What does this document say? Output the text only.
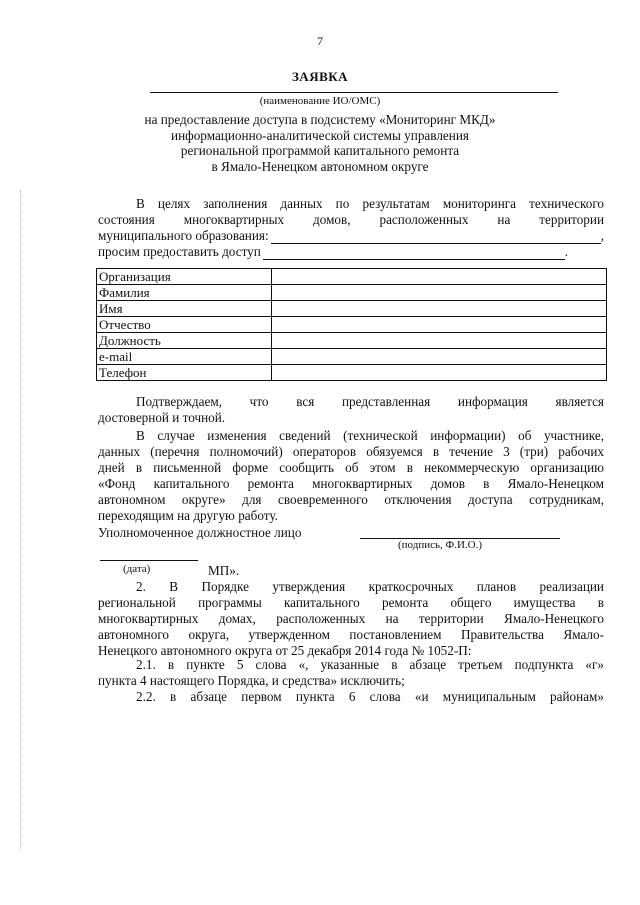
7
ЗАЯВКА
(наименование ИО/ОМС)
на предоставление доступа в подсистему «Мониторинг МКД»
информационно-аналитической системы управления
региональной программой капитального ремонта
в Ямало-Ненецком автономном округе
В целях заполнения данных по результатам мониторинга технического
состояния многоквартирных домов, расположенных на территории
муниципального образования:	,
просим предоставить доступ	.
Организация	
Фамилия	
Имя	
Отчество	
Должность	
e-mail	
Телефон	
Подтверждаем, что вся представленная информация является
достоверной и точной.
В случае изменения сведений (технической информации) об участнике,
данных (перечня полномочий) операторов обязуемся в течение 3 (три) рабочих
дней в письменной форме сообщить об этом в некоммерческую организацию
«Фонд капитального ремонта многоквартирных домов в Ямало-Ненецком
автономном округе» для своевременного отключения доступа сотрудникам,
переходящим на другую работу.
Уполномоченное должностное лицо
(подпись, Ф.И.О.)
(дата)	МП».
2. В Порядке утверждения краткосрочных планов реализации
региональной программы капитального ремонта общего имущества в
многоквартирных домах, расположенных на территории Ямало-Ненецкого
автономного округа, утвержденном постановлением Правительства Ямало-
Ненецкого автономного округа от 25 декабря 2014 года № 1052-П:
2.1. в пункте 5 слова «, указанные в абзаце третьем подпункта «г»
пункта 4 настоящего Порядка, и средства» исключить;
2.2. в абзаце первом пункта 6 слова «и муниципальным районам»
